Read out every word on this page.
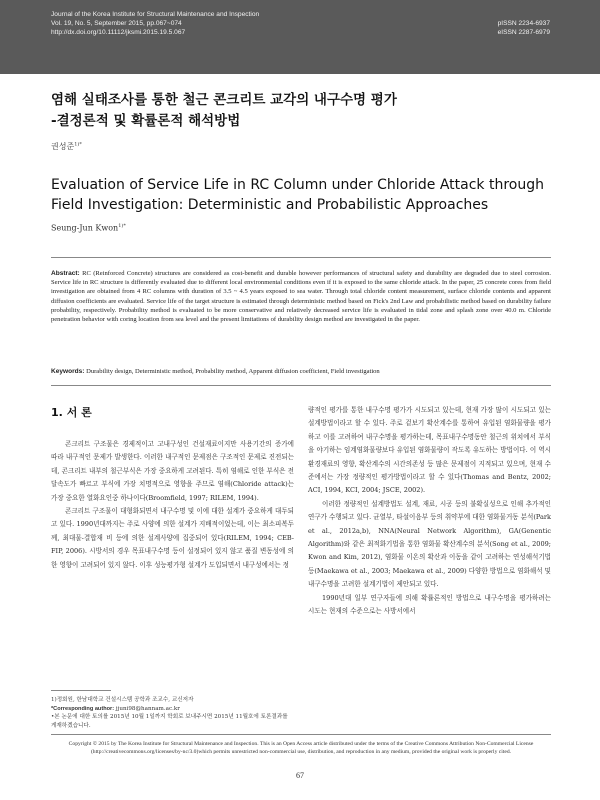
Journal of the Korea Institute for Structural Maintenance and Inspection
Vol. 19, No. 5, September 2015, pp.067~074
http://dx.doi.org/10.11112/jksmi.2015.19.5.067
pISSN 2234-6937
eISSN 2287-6979
염해 실태조사를 통한 철근 콘크리트 교각의 내구수명 평가
-결정론적 및 확률론적 해석방법
권성준$^{1)*}$
Evaluation of Service Life in RC Column under Chloride Attack through
Field Investigation: Deterministic and Probabilistic Approaches
Seung-Jun Kwon$^{1)*}$
Abstract: RC (Reinforced Concrete) structures are considered as cost-benefit and durable however performances of structural safety and durability are degraded due to steel corrosion. Service life in RC structure is differently evaluated due to different local environmental conditions even if it is exposed to the same chloride attack. In the paper, 25 concrete cores from field investigation are obtained from 4 RC columns with duration of 3.5 ~ 4.5 years exposed to sea water. Through total chloride content measurement, surface chloride contents and apparent diffusion coefficients are evaluated. Service life of the target structure is estimated through deterministic method based on Fick's 2nd Law and probabilistic method based on durability failure probability, respectively. Probability method is evaluated to be more conservative and relatively decreased service life is evaluated in tidal zone and splash zone over 40.0 m. Chloride penetration behavior with coring location from sea level and the present limitations of durability design method are investigated in the paper.
Keywords: Durability design, Deterministic method, Probability method, Apparent diffusion coefficient, Field investigation
1. 서 론

콘크리트 구조물은 경제적이고 고내구성인 건설재료이지만 사용기간의 증가에 따라 내구적인 문제가 발생한다. 이러한 내구적인 문제점은 구조적인 문제로 진전되는데, 콘크리트 내부의 철근부식은 가장 중요하게 고려된다. 특히 염해로 인한 부식은 전달속도가 빠르고 부식에 가장 치명적으로 영향을 주므로 염해(Chloride attack)는 가장 중요한 열화요인중 하나이다(Broomfield, 1997; RILEM, 1994).

콘크리트 구조물이 대형화되면서 내구수명 및 이에 대한 설계가 중요하게 대두되고 있다. 1990년대까지는 주로 사양에 의한 설계가 지배적이었는데, 이는 최소피복두께, 최대물-결합재 비 등에 의한 설계사양에 집중되어 있다(RILEM, 1994; CEB-FIP, 2006). 시방서의 경우 목표내구수명 등이 설정되어 있지 않고 품질 변동성에 의한 영향이 고려되어 있지 않다. 이후 성능평가형 설계가 도입되면서 내구성에서는 정

1)정회원, 한남대학교 건설시스템 공학과 조교수, 교신저자
*Corresponding author: jjuni98@hannam.ac.kr
•본 논문에 대한 토의를 2015년 10월 1일까지 학회로 보내주시면 2015년 11월호에 토론결과를 게재하겠습니다.

량적인 평가를 통한 내구수명 평가가 시도되고 있는데, 현재 가장 많이 시도되고 있는 설계방법이라고 할 수 있다. 주로 겉보기 확산계수를 통하여 유입된 염화물량을 평가하고 이를 고려하여 내구수명을 평가하는데, 목표내구수명동안 철근의 위치에서 부식을 야기하는 임계염화물량보다 유입된 염화물량이 작도록 유도하는 방법이다. 이 역시 환경재료의 영향, 확산계수의 시간의존성 등 많은 문제점이 지적되고 있으며, 현재 수준에서는 가장 정량적인 평가방법이라고 할 수 있다(Thomas and Bentz, 2002; ACI, 1994, KCI, 2004; JSCE, 2002).

이러한 정량적인 설계방법도 설계, 재료, 시공 등의 불확실성으로 인해 추가적인 연구가 수행되고 있다. 균열부, 타설이음부 등의 취약부에 대한 염화물거동 분석(Park et al., 2012a,b), NNA(Neural Network Algorithm), GA(Genentic Algorithm)와 같은 최적화기법을 통한 염화물 확산계수의 분석(Song et al., 2009; Kwon and Kim, 2012), 염화물 이온의 확산과 이동을 같이 고려하는 연성해석기법 등(Maekawa et al., 2003; Maekawa et al., 2009) 다양한 방법으로 염화해석 및 내구수명을 고려한 설계기법이 제안되고 있다.

1990년대 일부 연구자들에 의해 확률론적인 방법으로 내구수명을 평가하려는 시도는 현재의 수준으로는 사방서에서

Copyright © 2015 by The Korea Institute for Structural Maintenance and Inspection. This is an Open Access article distributed under the terms of the Creative Commons Attribution Non-Commercial License (http://creativecommons.org/licenses/by-nc/3.0)which permits unrestricted non-commercial use, distribution, and reproduction in any medium, provided the original work is properly cited.
67
